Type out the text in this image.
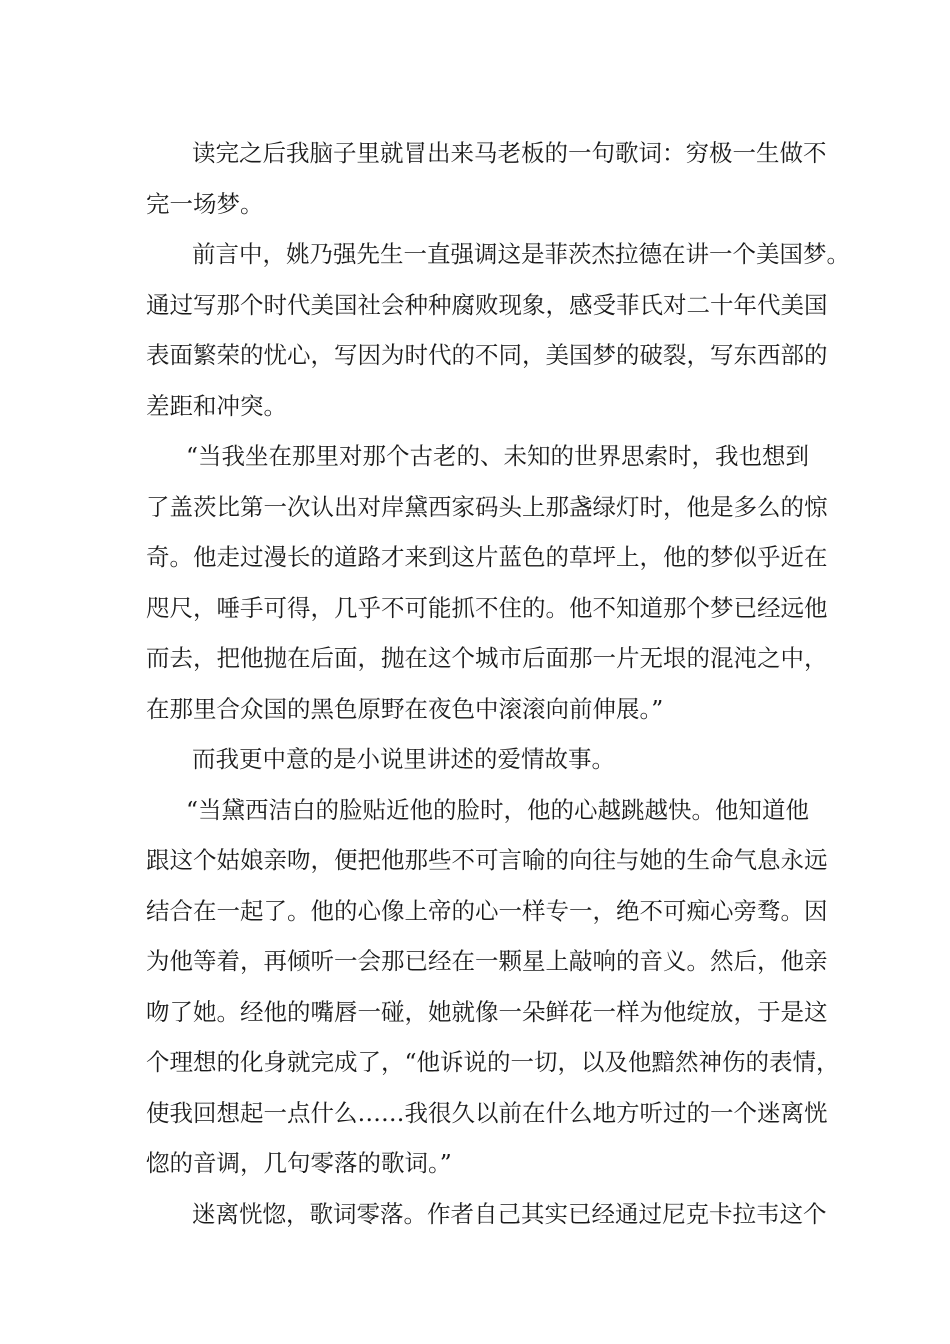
读完之后我脑子里就冒出来马老板的一句歌词：穷极一生做不
完一场梦。
前言中，姚乃强先生一直强调这是菲茨杰拉德在讲一个美国梦。
通过写那个时代美国社会种种腐败现象，感受菲氏对二十年代美国
表面繁荣的忧心，写因为时代的不同，美国梦的破裂，写东西部的
差距和冲突。
“当我坐在那里对那个古老的、未知的世界思索时，我也想到
了盖茨比第一次认出对岸黛西家码头上那盏绿灯时，他是多么的惊
奇。他走过漫长的道路才来到这片蓝色的草坪上，他的梦似乎近在
咫尺，唾手可得，几乎不可能抓不住的。他不知道那个梦已经远他
而去，把他抛在后面，抛在这个城市后面那一片无垠的混沌之中，
在那里合众国的黑色原野在夜色中滚滚向前伸展。”
而我更中意的是小说里讲述的爱情故事。
“当黛西洁白的脸贴近他的脸时，他的心越跳越快。他知道他
跟这个姑娘亲吻，便把他那些不可言喻的向往与她的生命气息永远
结合在一起了。他的心像上帝的心一样专一，绝不可痴心旁骛。因
为他等着，再倾听一会那已经在一颗星上敲响的音义。然后，他亲
吻了她。经他的嘴唇一碰，她就像一朵鲜花一样为他绽放，于是这
个理想的化身就完成了，“他诉说的一切，以及他黯然神伤的表情，
使我回想起一点什么……我很久以前在什么地方听过的一个迷离恍
惚的音调，几句零落的歌词。”
迷离恍惚，歌词零落。作者自己其实已经通过尼克卡拉韦这个
